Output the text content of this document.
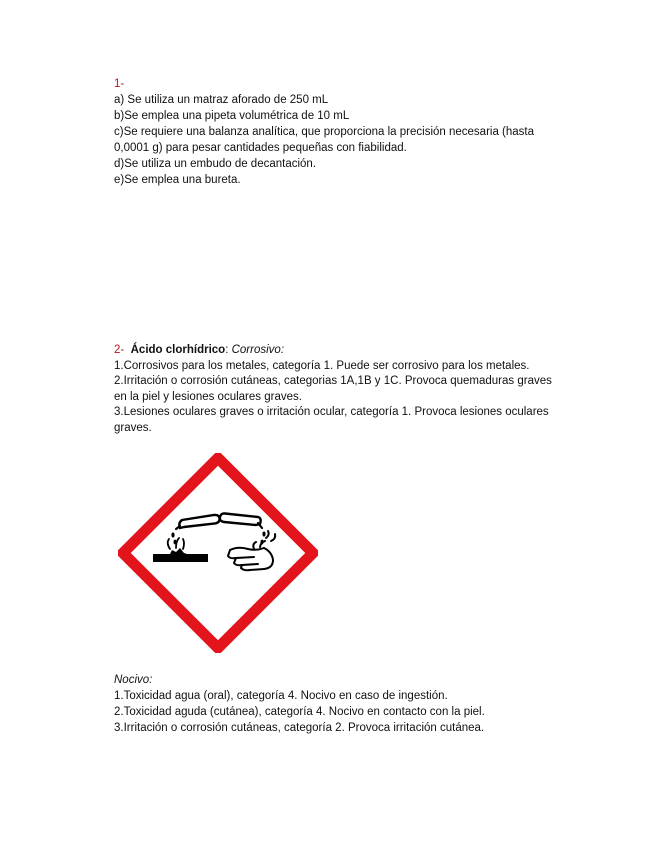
1-
a) Se utiliza un matraz aforado de 250 mL
b)Se emplea una pipeta volumétrica de 10 mL
c)Se requiere una balanza analítica, que proporciona la precisión necesaria (hasta
0,0001 g) para pesar cantidades pequeñas con fiabilidad.
d)Se utiliza un embudo de decantación.
e)Se emplea una bureta.
2- Ácido clorhídrico: Corrosivo:
1.Corrosivos para los metales, categoría 1. Puede ser corrosivo para los metales.
2.Irritación o corrosión cutáneas, categorias 1A,1B y 1C. Provoca quemaduras graves
en la piel y lesiones oculares graves.
3.Lesiones oculares graves o irritación ocular, categoría 1. Provoca lesiones oculares
graves.
Nocivo:
1.Toxicidad agua (oral), categoría 4. Nocivo en caso de ingestión.
2.Toxicidad aguda (cutánea), categoría 4. Nocivo en contacto con la piel.
3.Irritación o corrosión cutáneas, categoría 2. Provoca irritación cutánea.
